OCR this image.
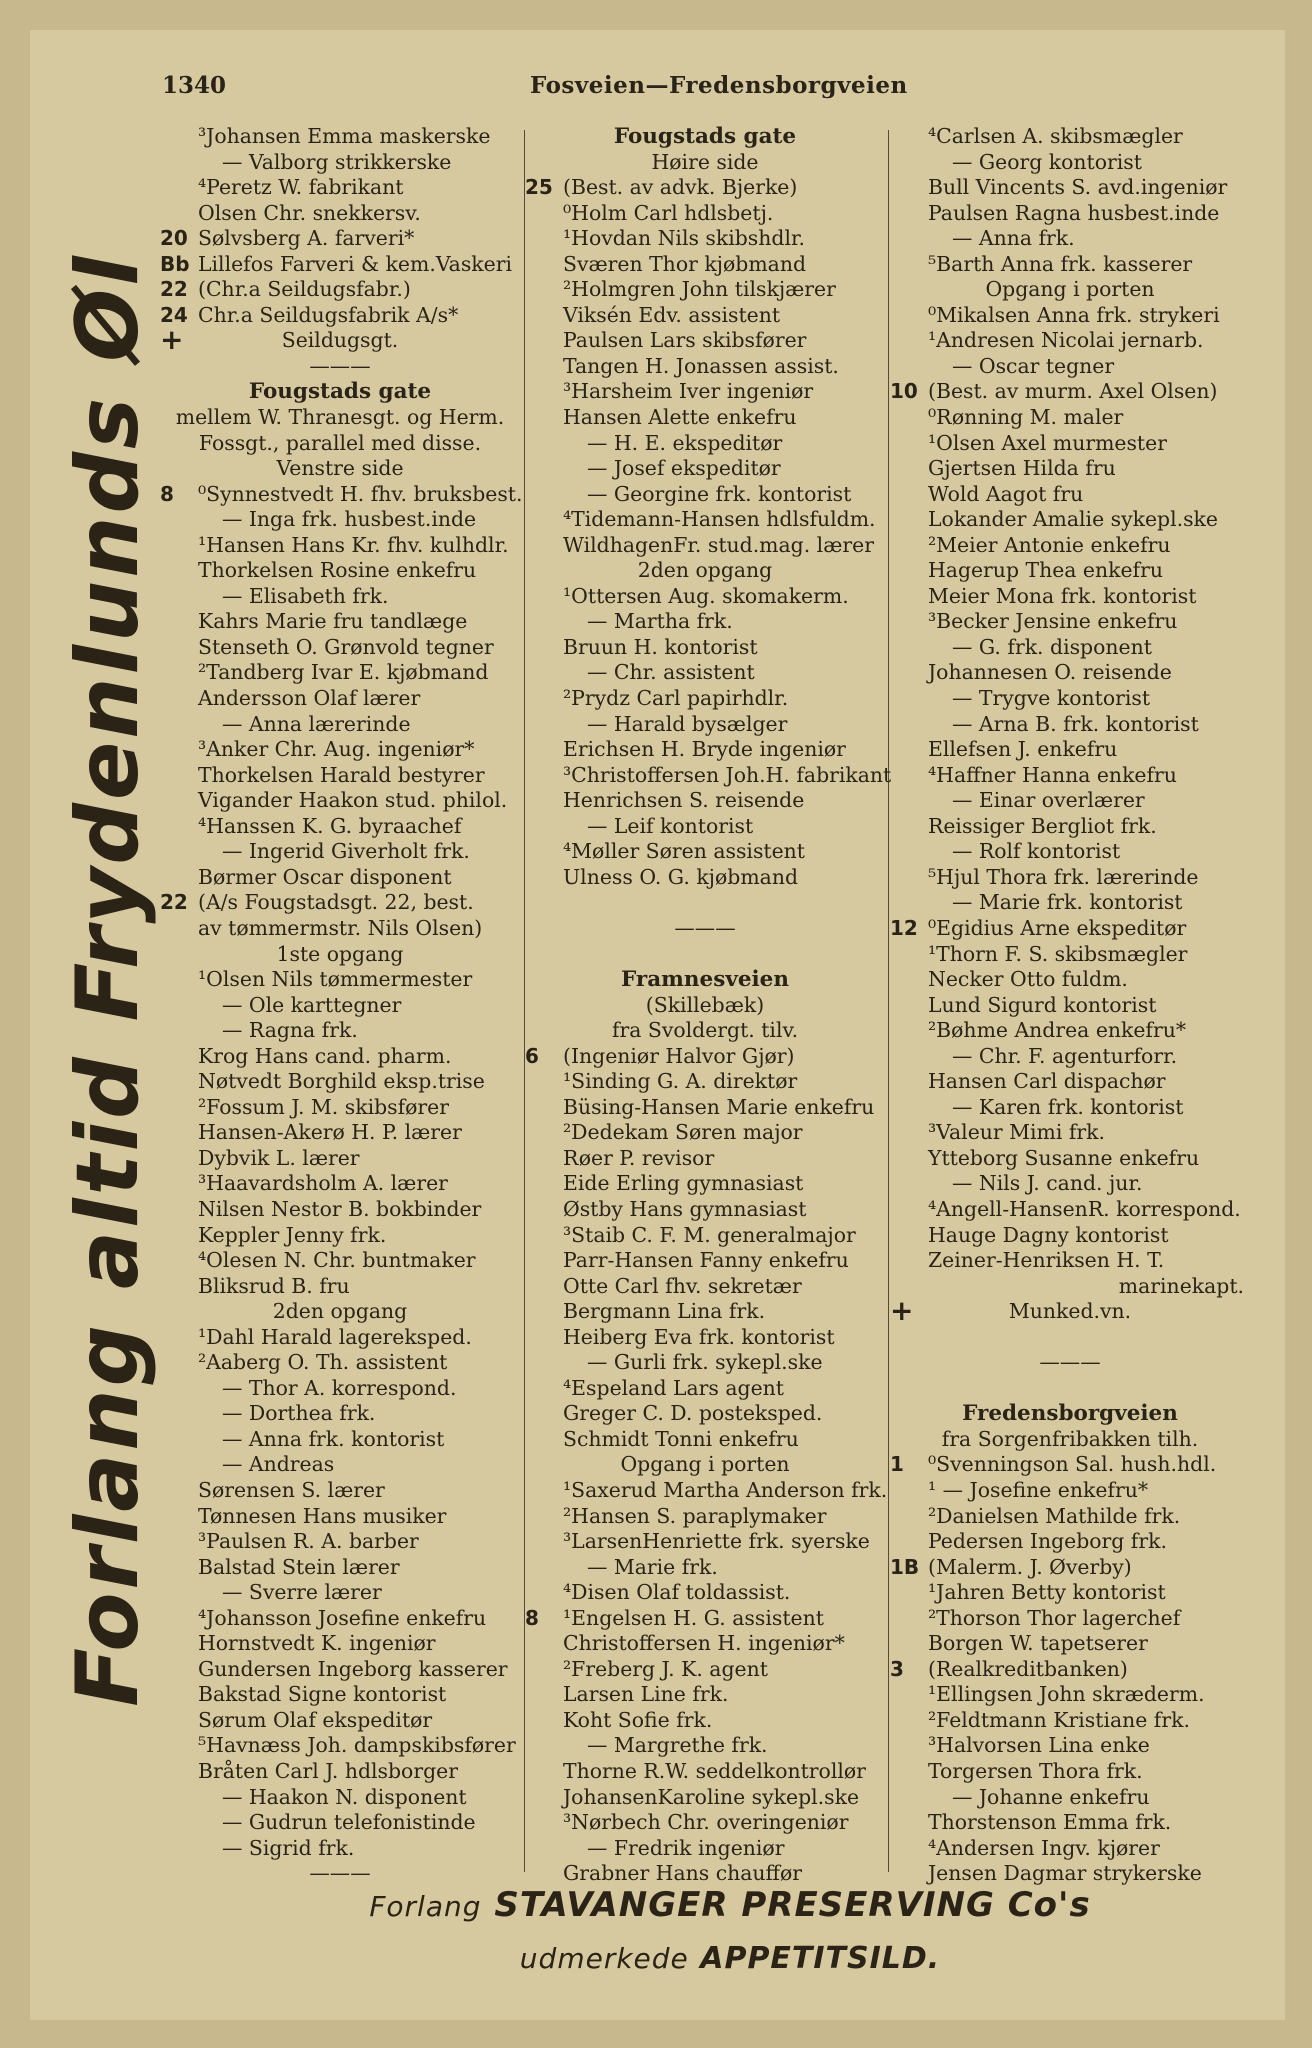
1340	Fosveien—Fredensborgveien
Forlang altid Frydenlunds Øl
³Johansen Emma maskerske
— Valborg strikkerske
⁴Peretz W. fabrikant
Olsen Chr. snekkersv.
20 Sølvsberg A. farveri*
Bb Lillefos Farveri & kem.Vaskeri
22 (Chr.a Seildugsfabr.)
24 Chr.a Seildugsfabrik A/s*
+	Seildugsgt.
———
Fougstads gate
mellem W. Thranesgt. og Herm.
Fossgt., parallel med disse.
Venstre side
8	⁰Synnestvedt H. fhv. bruksbest.
— Inga frk. husbest.inde
¹Hansen Hans Kr. fhv. kulhdlr.
Thorkelsen Rosine enkefru
— Elisabeth frk.
Kahrs Marie fru tandlæge
Stenseth O. Grønvold tegner
²Tandberg Ivar E. kjøbmand
Andersson Olaf lærer
— Anna lærerinde
³Anker Chr. Aug. ingeniør*
Thorkelsen Harald bestyrer
Vigander Haakon stud. philol.
⁴Hanssen K. G. byraachef
— Ingerid Giverholt frk.
Børmer Oscar disponent
22 (A/s Fougstadsgt. 22, best.
av tømmermstr. Nils Olsen)
1ste opgang
¹Olsen Nils tømmermester
— Ole karttegner
— Ragna frk.
Krog Hans cand. pharm.
Nøtvedt Borghild eksp.trise
²Fossum J. M. skibsfører
Hansen-Akerø H. P. lærer
Dybvik L. lærer
³Haavardsholm A. lærer
Nilsen Nestor B. bokbinder
Keppler Jenny frk.
⁴Olesen N. Chr. buntmaker
Bliksrud B. fru
2den opgang
¹Dahl Harald lagereksped.
²Aaberg O. Th. assistent
— Thor A. korrespond.
— Dorthea frk.
— Anna frk. kontorist
— Andreas
Sørensen S. lærer
Tønnesen Hans musiker
³Paulsen R. A. barber
Balstad Stein lærer
— Sverre lærer
⁴Johansson Josefine enkefru
Hornstvedt K. ingeniør
Gundersen Ingeborg kasserer
Bakstad Signe kontorist
Sørum Olaf ekspeditør
⁵Havnæss Joh. dampskibsfører
Bråten Carl J. hdlsborger
— Haakon N. disponent
— Gudrun telefonistinde
— Sigrid frk.
———
Fougstads gate
Høire side
25 (Best. av advk. Bjerke)
⁰Holm Carl hdlsbetj.
¹Hovdan Nils skibshdlr.
Sværen Thor kjøbmand
²Holmgren John tilskjærer
Viksén Edv. assistent
Paulsen Lars skibsfører
Tangen H. Jonassen assist.
³Harsheim Iver ingeniør
Hansen Alette enkefru
— H. E. ekspeditør
— Josef ekspeditør
— Georgine frk. kontorist
⁴Tidemann-Hansen hdlsfuldm.
WildhagenFr. stud.mag. lærer
2den opgang
¹Ottersen Aug. skomakerm.
— Martha frk.
Bruun H. kontorist
— Chr. assistent
²Prydz Carl papirhdlr.
— Harald bysælger
Erichsen H. Bryde ingeniør
³Christoffersen Joh.H. fabrikant
Henrichsen S. reisende
— Leif kontorist
⁴Møller Søren assistent
Ulness O. G. kjøbmand
———
Framnesveien
(Skillebæk)
fra Svoldergt. tilv.
6	(Ingeniør Halvor Gjør)
¹Sinding G. A. direktør
Büsing-Hansen Marie enkefru
²Dedekam Søren major
Røer P. revisor
Eide Erling gymnasiast
Østby Hans gymnasiast
³Staib C. F. M. generalmajor
Parr-Hansen Fanny enkefru
Otte Carl fhv. sekretær
Bergmann Lina frk.
Heiberg Eva frk. kontorist
— Gurli frk. sykepl.ske
⁴Espeland Lars agent
Greger C. D. posteksped.
Schmidt Tonni enkefru
Opgang i porten
¹Saxerud Martha Anderson frk.
²Hansen S. paraplymaker
³LarsenHenriette frk. syerske
— Marie frk.
⁴Disen Olaf toldassist.
8	¹Engelsen H. G. assistent
Christoffersen H. ingeniør*
²Freberg J. K. agent
Larsen Line frk.
Koht Sofie frk.
— Margrethe frk.
Thorne R.W. seddelkontrollør
JohansenKaroline sykepl.ske
³Nørbech Chr. overingeniør
— Fredrik ingeniør
Grabner Hans chauffør
⁴Carlsen A. skibsmægler
— Georg kontorist
Bull Vincents S. avd.ingeniør
Paulsen Ragna husbest.inde
— Anna frk.
⁵Barth Anna frk. kasserer
Opgang i porten
⁰Mikalsen Anna frk. strykeri
¹Andresen Nicolai jernarb.
— Oscar tegner
10 (Best. av murm. Axel Olsen)
⁰Rønning M. maler
¹Olsen Axel murmester
Gjertsen Hilda fru
Wold Aagot fru
Lokander Amalie sykepl.ske
²Meier Antonie enkefru
Hagerup Thea enkefru
Meier Mona frk. kontorist
³Becker Jensine enkefru
— G. frk. disponent
Johannesen O. reisende
— Trygve kontorist
— Arna B. frk. kontorist
Ellefsen J. enkefru
⁴Haffner Hanna enkefru
— Einar overlærer
Reissiger Bergliot frk.
— Rolf kontorist
⁵Hjul Thora frk. lærerinde
— Marie frk. kontorist
12 ⁰Egidius Arne ekspeditør
¹Thorn F. S. skibsmægler
Necker Otto fuldm.
Lund Sigurd kontorist
²Bøhme Andrea enkefru*
— Chr. F. agenturforr.
Hansen Carl dispachør
— Karen frk. kontorist
³Valeur Mimi frk.
Ytteborg Susanne enkefru
— Nils J. cand. jur.
⁴Angell-HansenR. korrespond.
Hauge Dagny kontorist
Zeiner-Henriksen H. T.
marinekapt.
+	Munked.vn.
———
Fredensborgveien
fra Sorgenfribakken tilh.
1	⁰Svenningson Sal. hush.hdl.
¹ — Josefine enkefru*
²Danielsen Mathilde frk.
Pedersen Ingeborg frk.
1B (Malerm. J. Øverby)
¹Jahren Betty kontorist
²Thorson Thor lagerchef
Borgen W. tapetserer
3	(Realkreditbanken)
¹Ellingsen John skræderm.
²Feldtmann Kristiane frk.
³Halvorsen Lina enke
Torgersen Thora frk.
— Johanne enkefru
Thorstenson Emma frk.
⁴Andersen Ingv. kjører
Jensen Dagmar strykerske
Forlang STAVANGER PRESERVING Co's
udmerkede APPETITSILD.
